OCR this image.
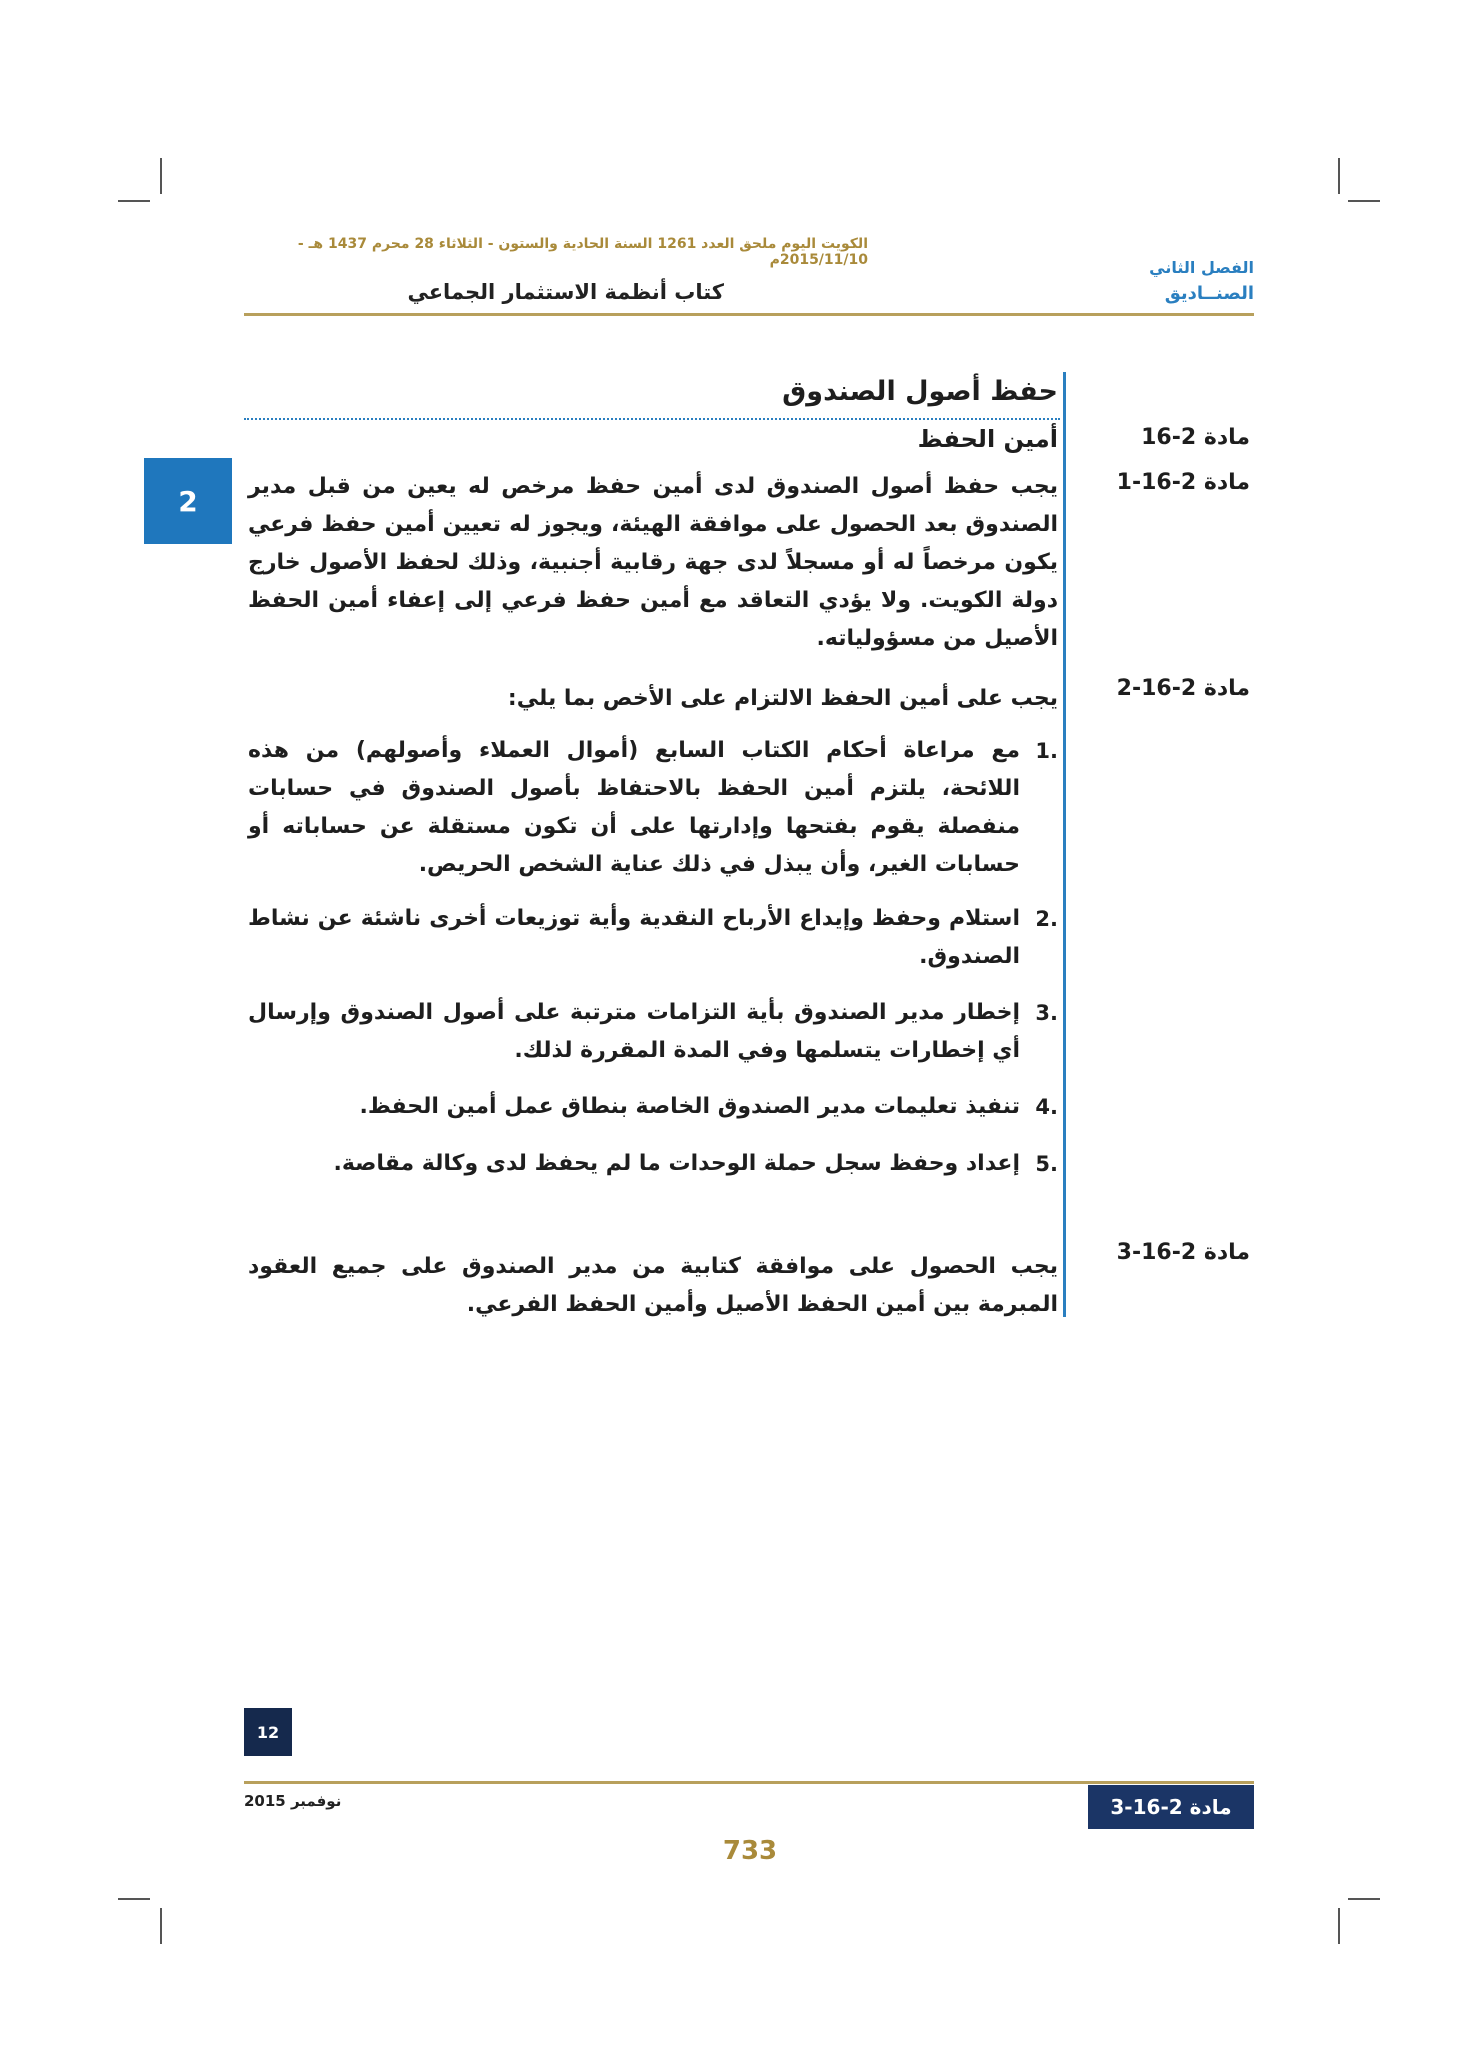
الكويت اليوم ملحق العدد 1261 السنة الحادية والستون - الثلاثاء 28 محرم 1437 هـ - 2015/11/10م	الفصل الثاني
الصنــاديق
كتاب أنظمة الاستثمار الجماعي
2
حفظ أصول الصندوق
مادة 2-16
أمين الحفظ
مادة 2-16-1
يجب حفظ أصول الصندوق لدى أمين حفظ مرخص له يعين من قبل مدير الصندوق بعد الحصول على موافقة الهيئة، ويجوز له تعيين أمين حفظ فرعي يكون مرخصاً له أو مسجلاً لدى جهة رقابية أجنبية، وذلك لحفظ الأصول خارج دولة الكويت. ولا يؤدي التعاقد مع أمين حفظ فرعي إلى إعفاء أمين الحفظ الأصيل من مسؤولياته.
مادة 2-16-2
يجب على أمين الحفظ الالتزام على الأخص بما يلي:
.1
مع مراعاة أحكام الكتاب السابع (أموال العملاء وأصولهم) من هذه اللائحة، يلتزم أمين الحفظ بالاحتفاظ بأصول الصندوق في حسابات منفصلة يقوم بفتحها وإدارتها على أن تكون مستقلة عن حساباته أو حسابات الغير، وأن يبذل في ذلك عناية الشخص الحريص.
.2
استلام وحفظ وإيداع الأرباح النقدية وأية توزيعات أخرى ناشئة عن نشاط الصندوق.
.3
إخطار مدير الصندوق بأية التزامات مترتبة على أصول الصندوق وإرسال أي إخطارات يتسلمها وفي المدة المقررة لذلك.
.4
تنفيذ تعليمات مدير الصندوق الخاصة بنطاق عمل أمين الحفظ.
.5
إعداد وحفظ سجل حملة الوحدات ما لم يحفظ لدى وكالة مقاصة.
مادة 2-16-3
يجب الحصول على موافقة كتابية من مدير الصندوق على جميع العقود المبرمة بين أمين الحفظ الأصيل وأمين الحفظ الفرعي.
12
نوفمبر 2015	مادة 2-16-3
733
